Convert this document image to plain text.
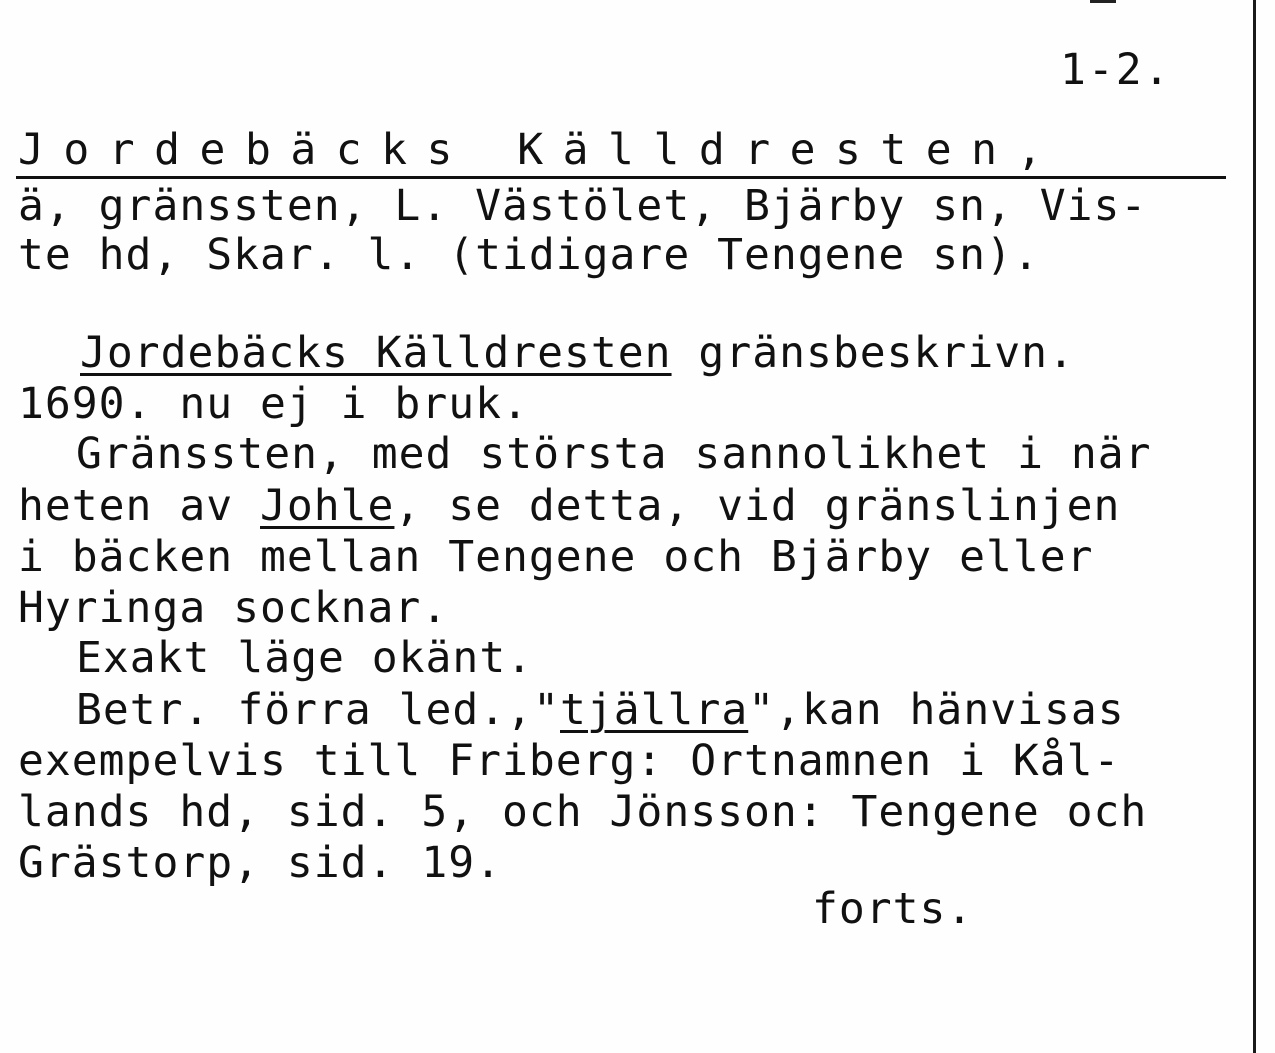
1-2.
Jordebäcks Källdresten,
ä, gränssten, L. Västölet, Bjärby sn, Vis-
te hd, Skar. l. (tidigare Tengene sn).
Jordebäcks Källdresten gränsbeskrivn.
1690. nu ej i bruk.
Gränssten, med största sannolikhet i när
heten av Johle, se detta, vid gränslinjen
i bäcken mellan Tengene och Bjärby eller
Hyringa socknar.
Exakt läge okänt.
Betr. förra led.,"tjällra",kan hänvisas
exempelvis till Friberg: Ortnamnen i Kål-
lands hd, sid. 5, och Jönsson: Tengene och
Grästorp, sid. 19.
forts.
